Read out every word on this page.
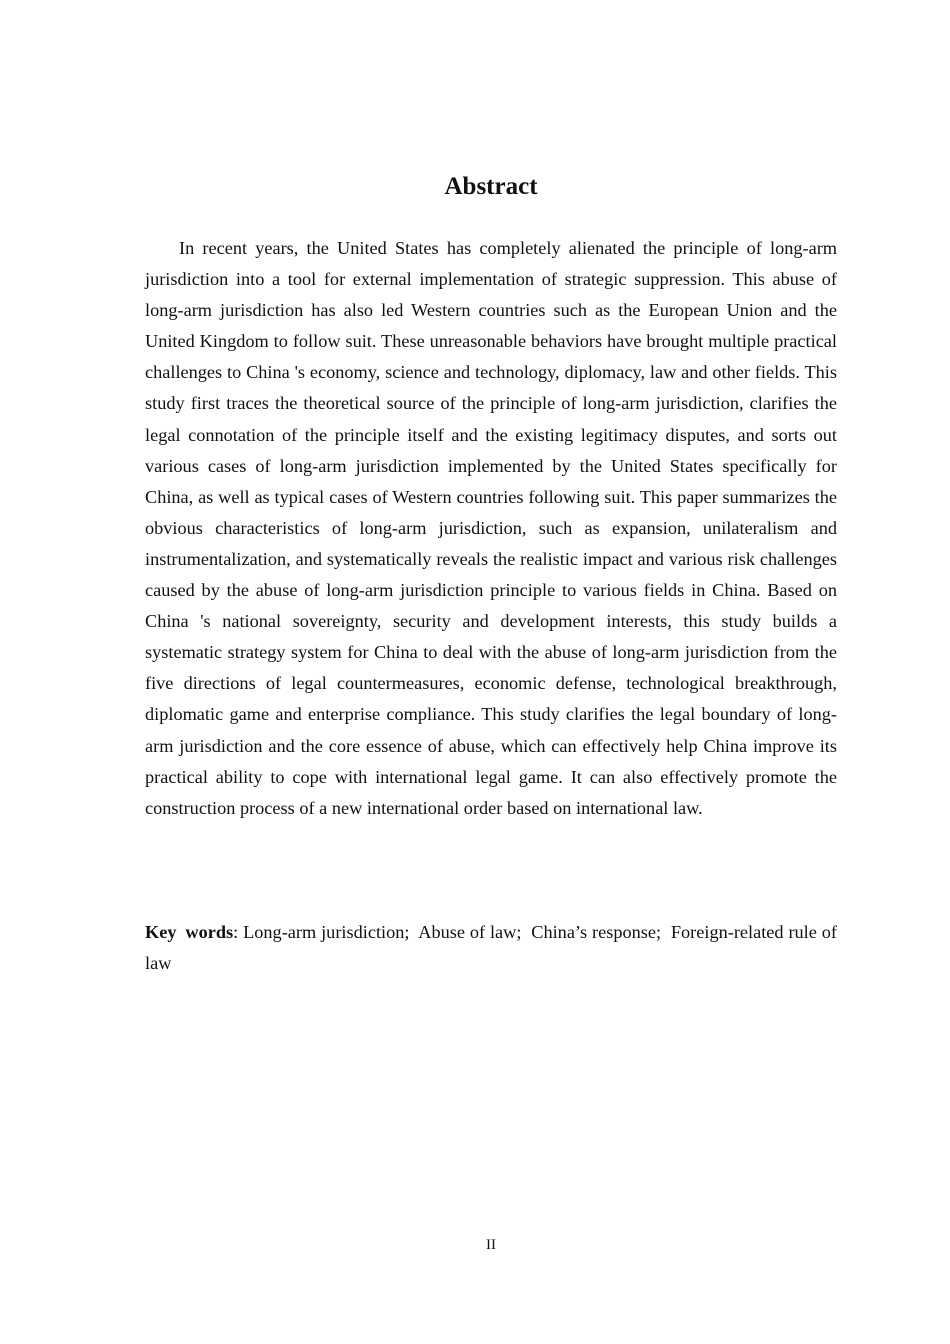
Abstract

In recent years, the United States has completely alienated the principle of long-arm jurisdiction into a tool for external implementation of strategic suppression. This abuse of long-arm jurisdiction has also led Western countries such as the European Union and the United Kingdom to follow suit. These unreasonable behaviors have brought multiple practical challenges to China 's economy, science and technology, diplomacy, law and other fields. This study first traces the theoretical source of the principle of long-arm jurisdiction, clarifies the legal connotation of the principle itself and the existing legitimacy disputes, and sorts out various cases of long-arm jurisdiction implemented by the United States specifically for China, as well as typical cases of Western countries following suit. This paper summarizes the obvious characteristics of long-arm jurisdiction, such as expansion, unilateralism and instrumentalization, and systematically reveals the realistic impact and various risk challenges caused by the abuse of long-arm jurisdiction principle to various fields in China. Based on China 's national sovereignty, security and development interests, this study builds a systematic strategy system for China to deal with the abuse of long-arm jurisdiction from the five directions of legal countermeasures, economic defense, technological breakthrough, diplomatic game and enterprise compliance. This study clarifies the legal boundary of long-arm jurisdiction and the core essence of abuse, which can effectively help China improve its practical ability to cope with international legal game. It can also effectively promote the construction process of a new international order based on international law.

Key words: Long-arm jurisdiction; Abuse of law; China’s response; Foreign-related rule of law

II
